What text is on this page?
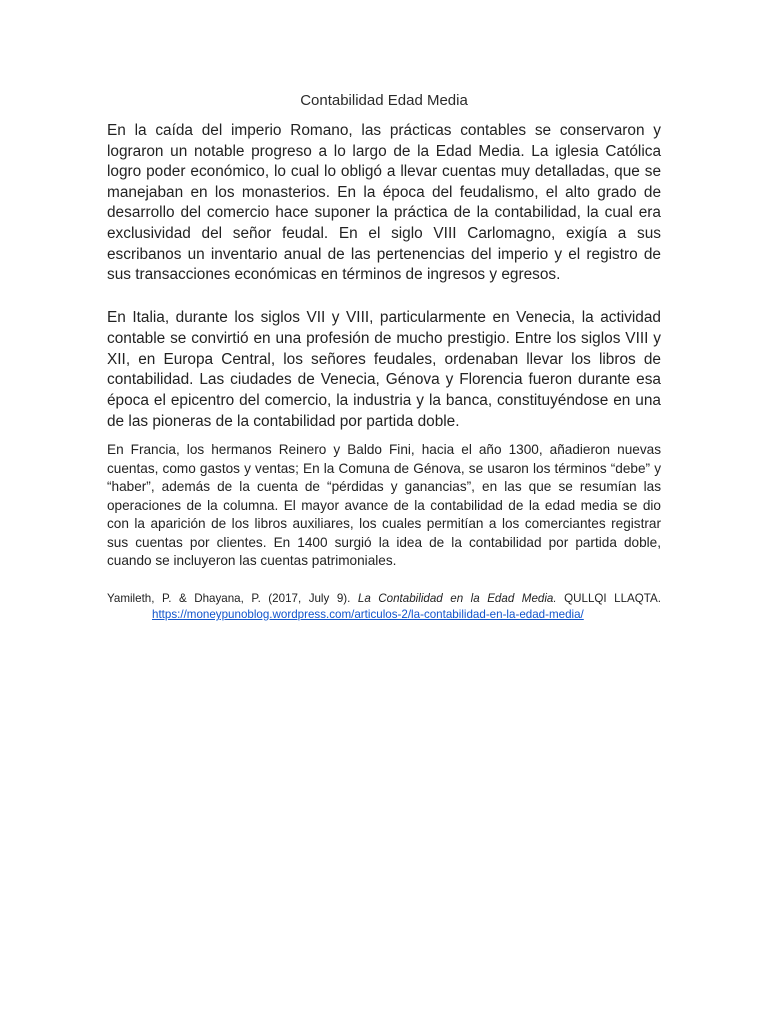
Contabilidad Edad Media

En la caída del imperio Romano, las prácticas contables se conservaron y lograron un notable progreso a lo largo de la Edad Media. La iglesia Católica logro poder económico, lo cual lo obligó a llevar cuentas muy detalladas, que se manejaban en los monasterios. En la época del feudalismo, el alto grado de desarrollo del comercio hace suponer la práctica de la contabilidad, la cual era exclusividad del señor feudal. En el siglo VIII Carlomagno, exigía a sus escribanos un inventario anual de las pertenencias del imperio y el registro de sus transacciones económicas en términos de ingresos y egresos.

En Italia, durante los siglos VII y VIII, particularmente en Venecia, la actividad contable se convirtió en una profesión de mucho prestigio. Entre los siglos VIII y XII, en Europa Central, los señores feudales, ordenaban llevar los libros de contabilidad. Las ciudades de Venecia, Génova y Florencia fueron durante esa época el epicentro del comercio, la industria y la banca, constituyéndose en una de las pioneras de la contabilidad por partida doble.

En Francia, los hermanos Reinero y Baldo Fini, hacia el año 1300, añadieron nuevas cuentas, como gastos y ventas; En la Comuna de Génova, se usaron los términos “debe” y “haber”, además de la cuenta de “pérdidas y ganancias”, en las que se resumían las operaciones de la columna. El mayor avance de la contabilidad de la edad media se dio con la aparición de los libros auxiliares, los cuales permitían a los comerciantes registrar sus cuentas por clientes. En 1400 surgió la idea de la contabilidad por partida doble, cuando se incluyeron las cuentas patrimoniales.

Yamileth, P. & Dhayana, P. (2017, July 9). La Contabilidad en la Edad Media. QULLQI LLAQTA.
https://moneypunoblog.wordpress.com/articulos-2/la-contabilidad-en-la-edad-media/
